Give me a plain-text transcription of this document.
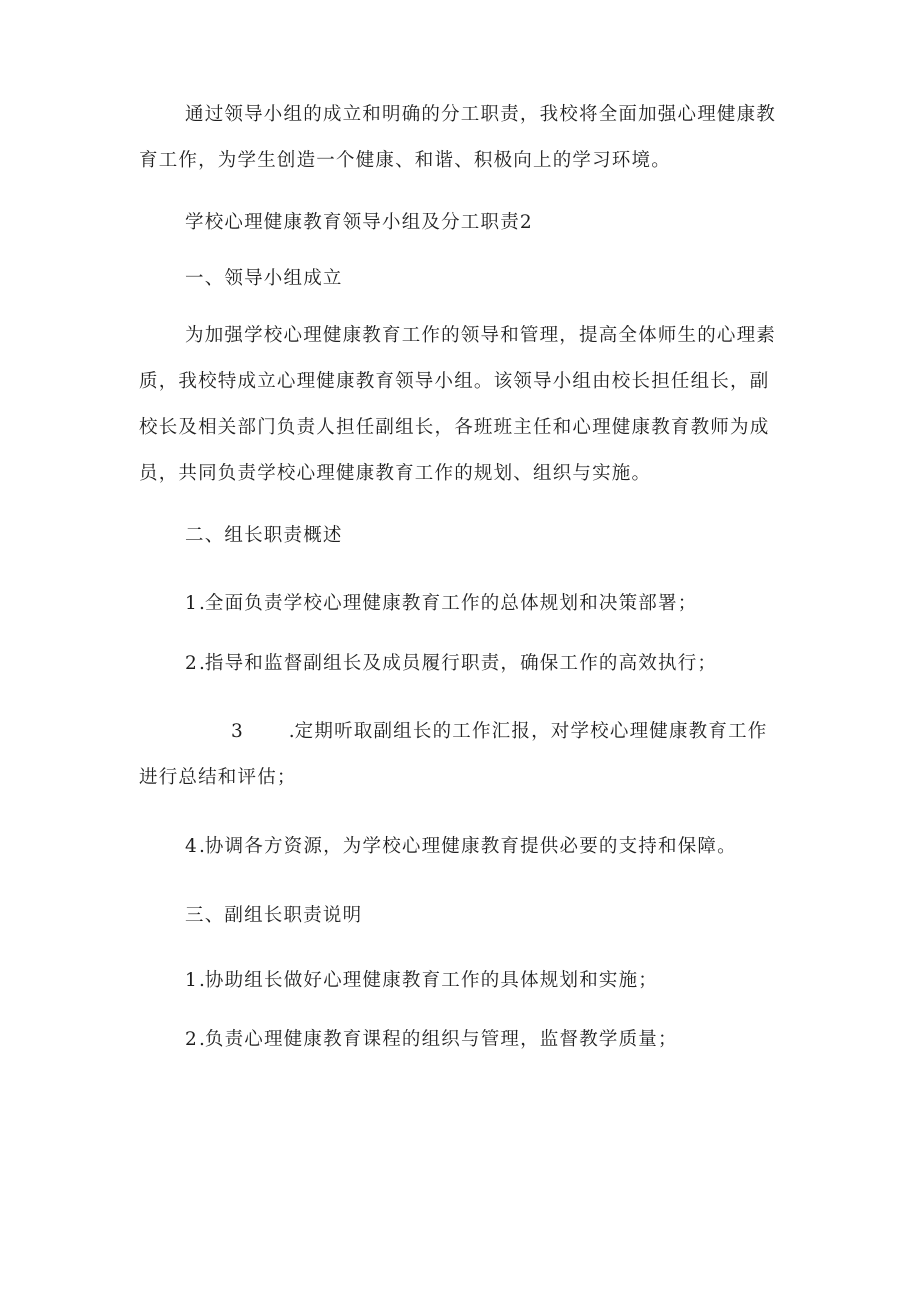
通过领导小组的成立和明确的分工职责，我校将全面加强心理健康教育工作，为学生创造一个健康、和谐、积极向上的学习环境。

学校心理健康教育领导小组及分工职责2

一、领导小组成立

为加强学校心理健康教育工作的领导和管理，提高全体师生的心理素质，我校特成立心理健康教育领导小组。该领导小组由校长担任组长，副校长及相关部门负责人担任副组长，各班班主任和心理健康教育教师为成员，共同负责学校心理健康教育工作的规划、组织与实施。

二、组长职责概述

1.全面负责学校心理健康教育工作的总体规划和决策部署；

2.指导和监督副组长及成员履行职责，确保工作的高效执行；

3.定期听取副组长的工作汇报，对学校心理健康教育工作进行总结和评估；

4.协调各方资源，为学校心理健康教育提供必要的支持和保障。

三、副组长职责说明

1.协助组长做好心理健康教育工作的具体规划和实施；

2.负责心理健康教育课程的组织与管理，监督教学质量；
